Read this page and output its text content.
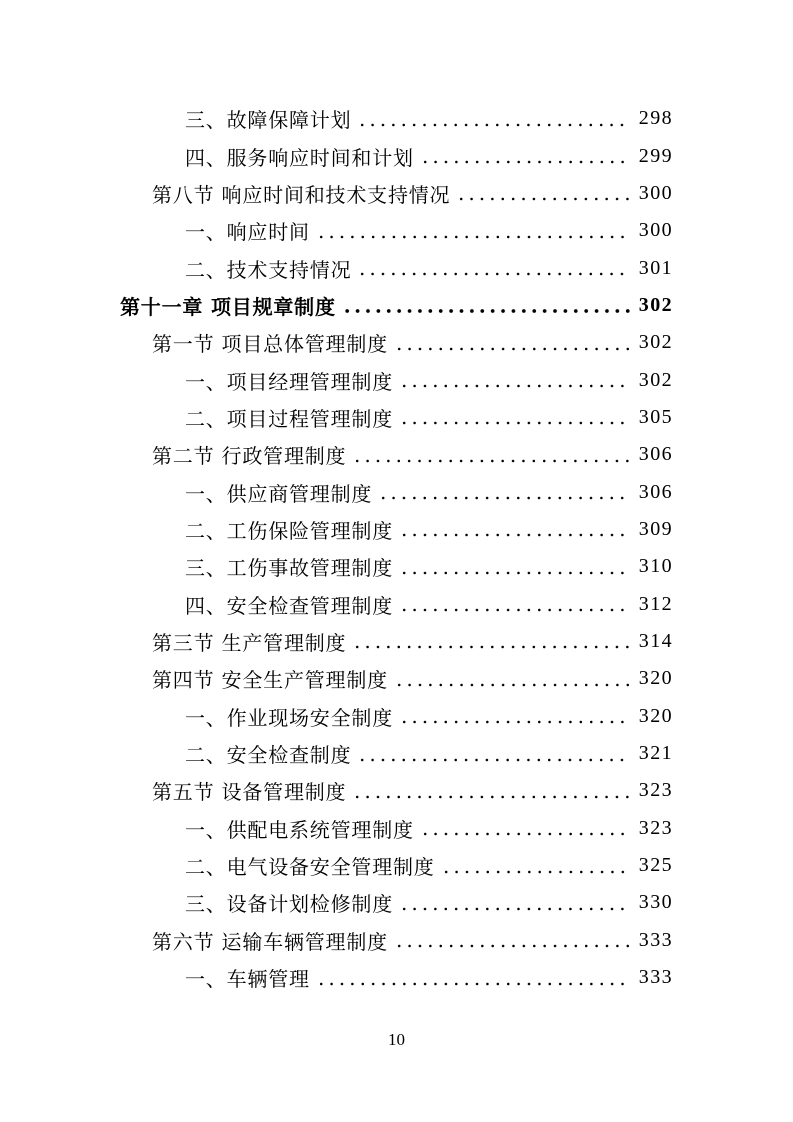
三、故障保障计划	298
四、服务响应时间和计划	299
第八节 响应时间和技术支持情况	300
一、响应时间	300
二、技术支持情况	301
第十一章 项目规章制度	302
第一节 项目总体管理制度	302
一、项目经理管理制度	302
二、项目过程管理制度	305
第二节 行政管理制度	306
一、供应商管理制度	306
二、工伤保险管理制度	309
三、工伤事故管理制度	310
四、安全检查管理制度	312
第三节 生产管理制度	314
第四节 安全生产管理制度	320
一、作业现场安全制度	320
二、安全检查制度	321
第五节 设备管理制度	323
一、供配电系统管理制度	323
二、电气设备安全管理制度	325
三、设备计划检修制度	330
第六节 运输车辆管理制度	333
一、车辆管理	333
10
